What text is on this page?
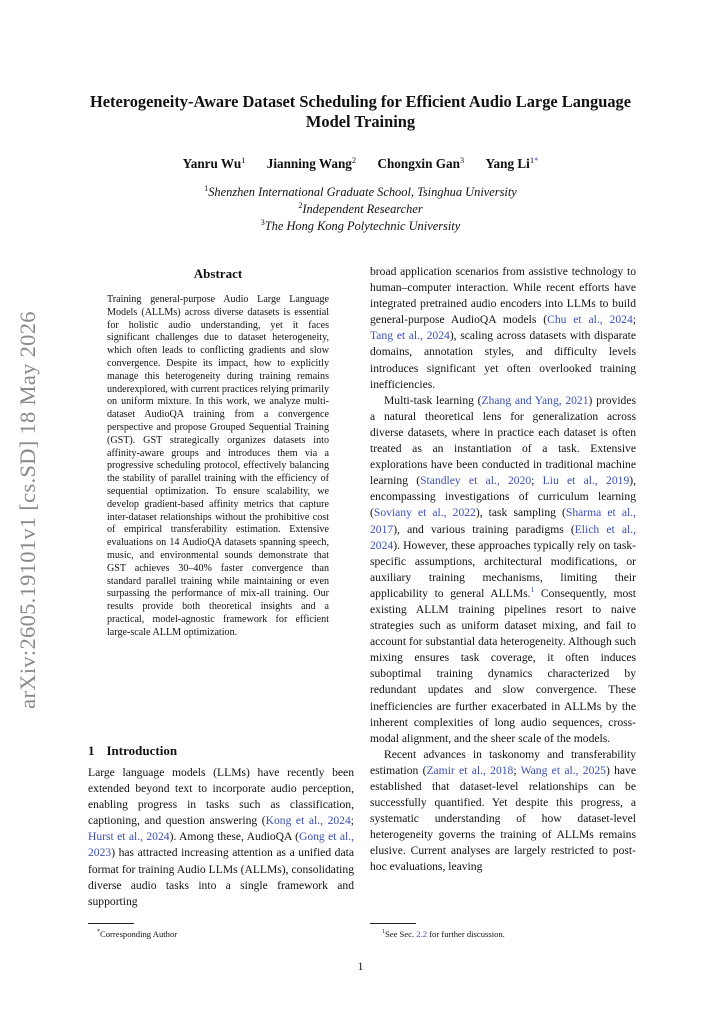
arXiv:2605.19101v1 [cs.SD] 18 May 2026
Heterogeneity-Aware Dataset Scheduling for Efficient Audio Large Language Model Training
Yanru Wu$^1$ Jianning Wang$^2$ Chongxin Gan$^3$ Yang $Li^{1*}$
$^1$Shenzhen International Graduate School, Tsinghua University
$^2$Independent Researcher
$^3$The Hong Kong Polytechnic University
Abstract

Training general-purpose Audio Large Language Models (ALLMs) across diverse datasets is essential for holistic audio understanding, yet it faces significant challenges due to dataset heterogeneity, which often leads to conflicting gradients and slow convergence. Despite its impact, how to explicitly manage this heterogeneity during training remains underexplored, with current practices relying primarily on uniform mixture. In this work, we analyze multi-dataset AudioQA training from a convergence perspective and propose Grouped Sequential Training (GST). GST strategically organizes datasets into affinity-aware groups and introduces them via a progressive scheduling protocol, effectively balancing the stability of parallel training with the efficiency of sequential optimization. To ensure scalability, we develop gradient-based affinity metrics that capture inter-dataset relationships without the prohibitive cost of empirical transferability estimation. Extensive evaluations on 14 AudioQA datasets spanning speech, music, and environmental sounds demonstrate that GST achieves 30–40% faster convergence than standard parallel training while maintaining or even surpassing the performance of mix-all training. Our results provide both theoretical insights and a practical, model-agnostic framework for efficient large-scale ALLM optimization.

1 Introduction

Large language models (LLMs) have recently been extended beyond text to incorporate audio perception, enabling progress in tasks such as classification, captioning, and question answering (Kong et al., 2024; Hurst et al., 2024). Among these, AudioQA (Gong et al., 2023) has attracted increasing attention as a unified data format for training Audio LLMs (ALLMs), consolidating diverse audio tasks into a single framework and supporting

broad application scenarios from assistive technology to human–computer interaction. While recent efforts have integrated pretrained audio encoders into LLMs to build general-purpose AudioQA models (Chu et al., 2024; Tang et al., 2024), scaling across datasets with disparate domains, annotation styles, and difficulty levels introduces significant yet often overlooked training inefficiencies.

Multi-task learning (Zhang and Yang, 2021) provides a natural theoretical lens for generalization across diverse datasets, where in practice each dataset is often treated as an instantiation of a task. Extensive explorations have been conducted in traditional machine learning (Standley et al., 2020; Liu et al., 2019), encompassing investigations of curriculum learning (Soviany et al., 2022), task sampling (Sharma et al., 2017), and various training paradigms (Elich et al., 2024). However, these approaches typically rely on task-specific assumptions, architectural modifications, or auxiliary training mechanisms, limiting their applicability to general ALLMs.$^1$ Consequently, most existing ALLM training pipelines resort to naive strategies such as uniform dataset mixing, and fail to account for substantial data heterogeneity. Although such mixing ensures task coverage, it often induces suboptimal training dynamics characterized by redundant updates and slow convergence. These inefficiencies are further exacerbated in ALLMs by the inherent complexities of long audio sequences, cross-modal alignment, and the sheer scale of the models.

Recent advances in taskonomy and transferability estimation (Zamir et al., 2018; Wang et al., 2025) have established that dataset-level relationships can be successfully quantified. Yet despite this progress, a systematic understanding of how dataset-level heterogeneity governs the training of ALLMs remains elusive. Current analyses are largely restricted to post-hoc evaluations, leaving

*Corresponding Author	$^1$See Sec. 2.2 for further discussion.
1
